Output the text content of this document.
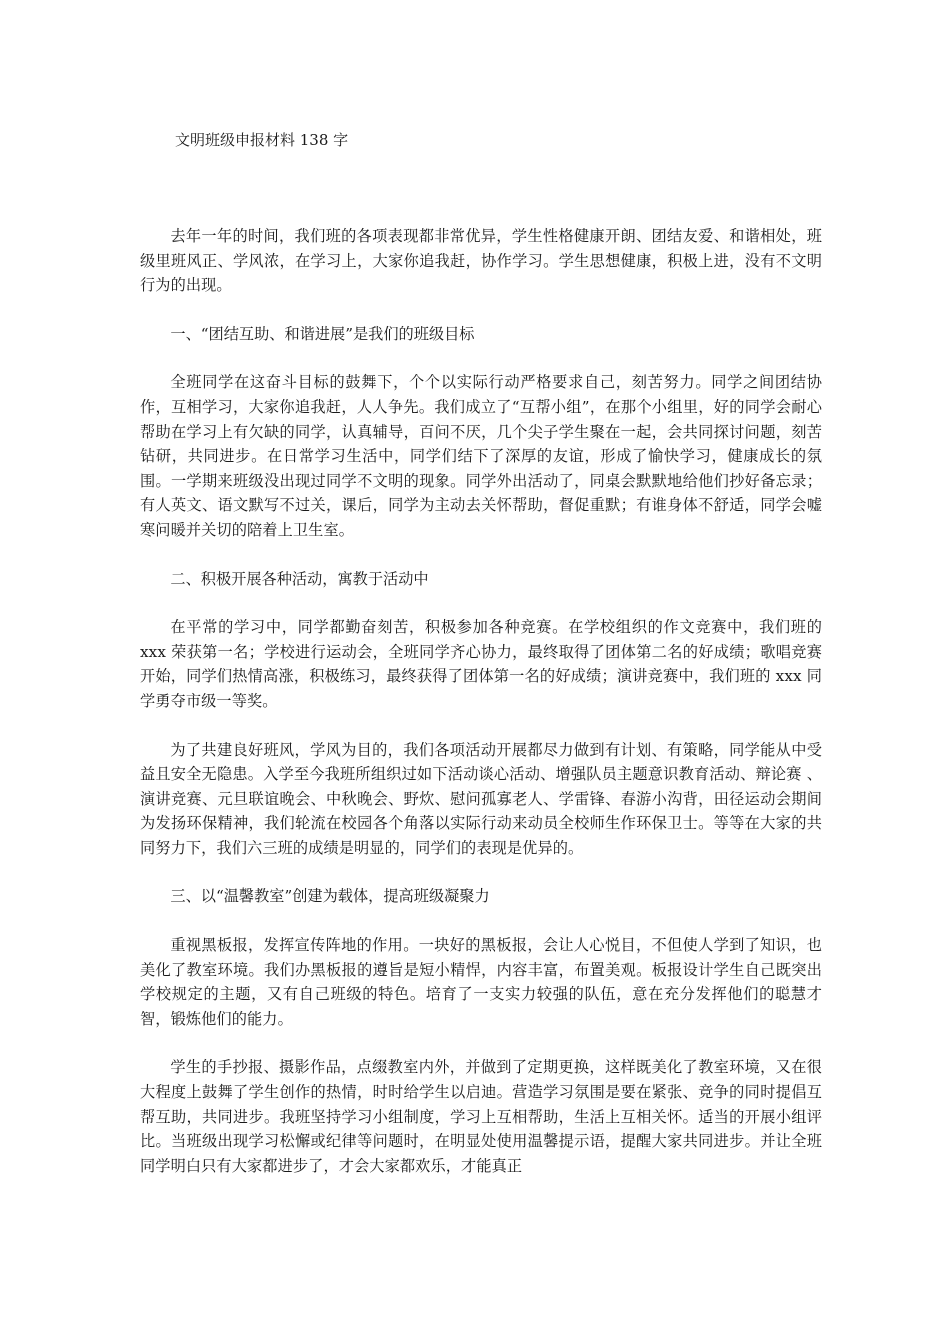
文明班级申报材料 138 字

去年一年的时间，我们班的各项表现都非常优异，学生性格健康开朗、团结友爱、和谐相处，班级里班风正、学风浓，在学习上，大家你追我赶，协作学习。学生思想健康，积极上进，没有不文明行为的出现。

一、“团结互助、和谐进展”是我们的班级目标

全班同学在这奋斗目标的鼓舞下，个个以实际行动严格要求自己，刻苦努力。同学之间团结协作，互相学习，大家你追我赶，人人争先。我们成立了“互帮小组”，在那个小组里，好的同学会耐心帮助在学习上有欠缺的同学，认真辅导，百问不厌，几个尖子学生聚在一起，会共同探讨问题，刻苦钻研，共同进步。在日常学习生活中，同学们结下了深厚的友谊，形成了愉快学习，健康成长的氛围。一学期来班级没出现过同学不文明的现象。同学外出活动了，同桌会默默地给他们抄好备忘录；有人英文、语文默写不过关，课后，同学为主动去关怀帮助，督促重默；有谁身体不舒适，同学会嘘寒问暖并关切的陪着上卫生室。

二、积极开展各种活动，寓教于活动中

在平常的学习中，同学都勤奋刻苦，积极参加各种竞赛。在学校组织的作文竞赛中，我们班的 xxx 荣获第一名；学校进行运动会，全班同学齐心协力，最终取得了团体第二名的好成绩；歌唱竞赛开始，同学们热情高涨，积极练习，最终获得了团体第一名的好成绩；演讲竞赛中，我们班的 xxx 同学勇夺市级一等奖。

为了共建良好班风，学风为目的，我们各项活动开展都尽力做到有计划、有策略，同学能从中受益且安全无隐患。入学至今我班所组织过如下活动谈心活动、增强队员主题意识教育活动、辩论赛 、演讲竞赛、元旦联谊晚会、中秋晚会、野炊、慰问孤寡老人、学雷锋、春游小沟背，田径运动会期间为发扬环保精神，我们轮流在校园各个角落以实际行动来动员全校师生作环保卫士。等等在大家的共同努力下，我们六三班的成绩是明显的，同学们的表现是优异的。

三、以“温馨教室”创建为载体，提高班级凝聚力

重视黑板报，发挥宣传阵地的作用。一块好的黑板报，会让人心悦目，不但使人学到了知识，也美化了教室环境。我们办黑板报的遵旨是短小精悍，内容丰富，布置美观。板报设计学生自己既突出学校规定的主题，又有自己班级的特色。培育了一支实力较强的队伍，意在充分发挥他们的聪慧才智，锻炼他们的能力。

学生的手抄报、摄影作品，点缀教室内外，并做到了定期更换，这样既美化了教室环境，又在很大程度上鼓舞了学生创作的热情，时时给学生以启迪。营造学习氛围是要在紧张、竞争的同时提倡互帮互助，共同进步。我班坚持学习小组制度，学习上互相帮助，生活上互相关怀。适当的开展小组评比。当班级出现学习松懈或纪律等问题时，在明显处使用温馨提示语，提醒大家共同进步。并让全班同学明白只有大家都进步了，才会大家都欢乐，才能真正
